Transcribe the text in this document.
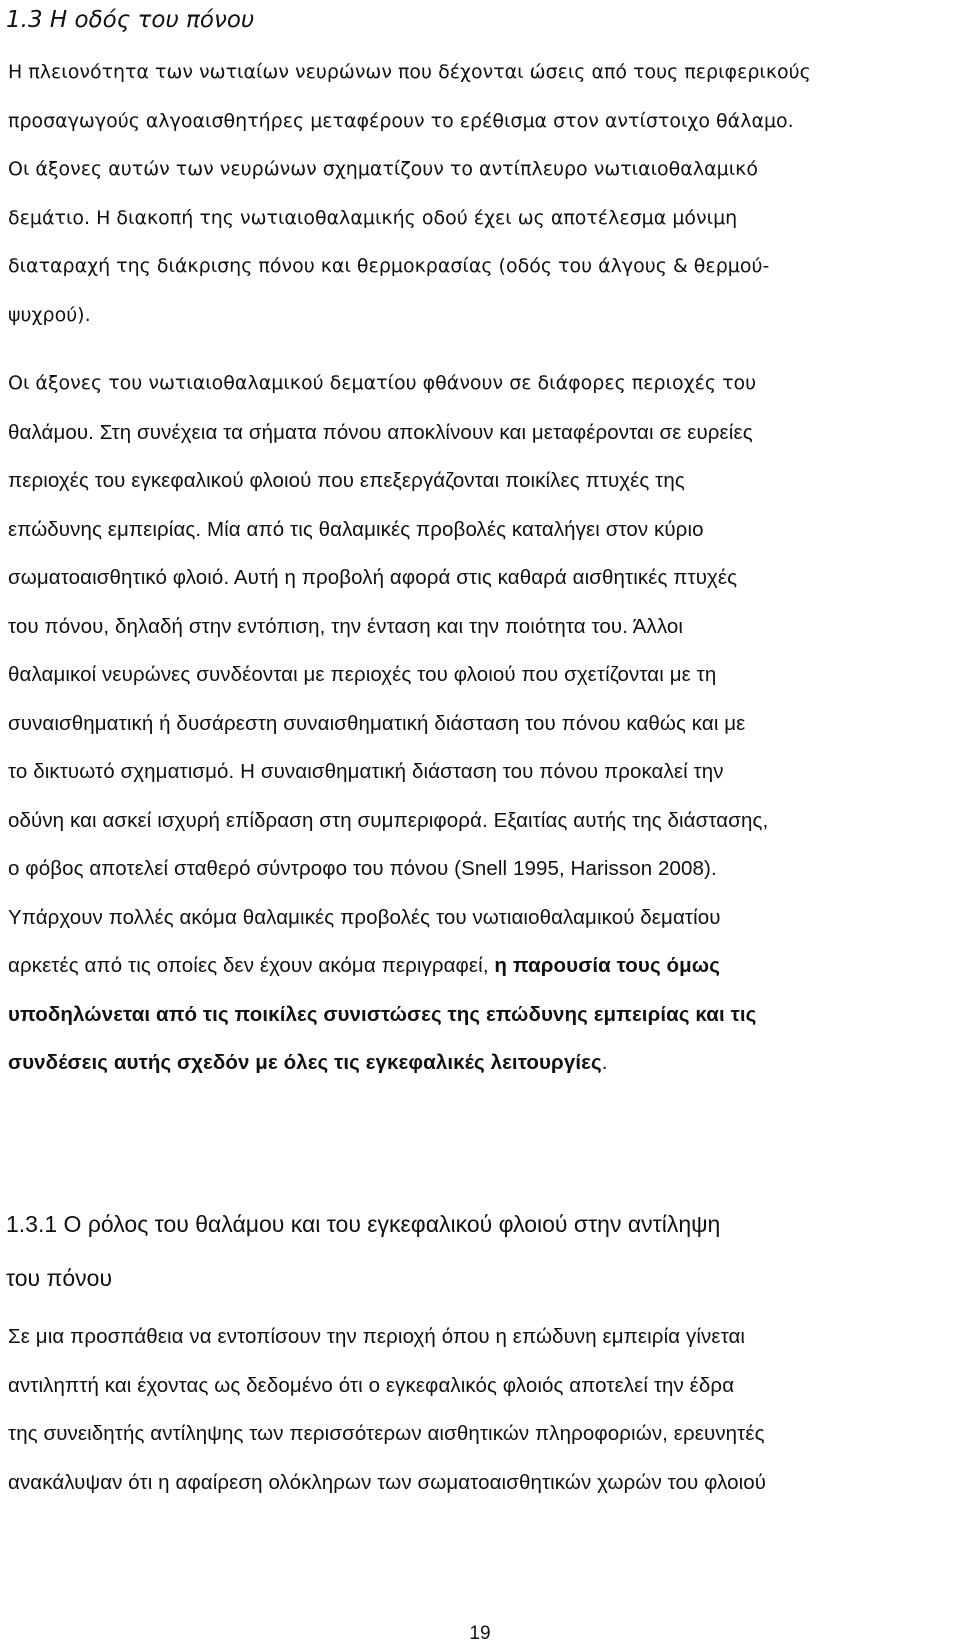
1.3 Η οδός του πόνου

Η πλειονότητα των νωτιαίων νευρώνων που δέχονται ώσεις από τους περιφερικούς

προσαγωγούς αλγοαισθητήρες μεταφέρουν το ερέθισμα στον αντίστοιχο θάλαμο.

Οι άξονες αυτών των νευρώνων σχηματίζουν το αντίπλευρο νωτιαιοθαλαμικό

δεμάτιο. Η διακοπή της νωτιαιοθαλαμικής οδού έχει ως αποτέλεσμα μόνιμη

διαταραχή της διάκρισης πόνου και θερμοκρασίας (οδός του άλγους & θερμού-

ψυχρού).

Οι άξονες του νωτιαιοθαλαμικού δεματίου φθάνουν σε διάφορες περιοχές του

θαλάμου. Στη συνέχεια τα σήματα πόνου αποκλίνουν και μεταφέρονται σε ευρείες

περιοχές του εγκεφαλικού φλοιού που επεξεργάζονται ποικίλες πτυχές της

επώδυνης εμπειρίας. Μία από τις θαλαμικές προβολές καταλήγει στον κύριο

σωματοαισθητικό φλοιό. Αυτή η προβολή αφορά στις καθαρά αισθητικές πτυχές

του πόνου, δηλαδή στην εντόπιση, την ένταση και την ποιότητα του. Άλλοι

θαλαμικοί νευρώνες συνδέονται με περιοχές του φλοιού που σχετίζονται με τη

συναισθηματική ή δυσάρεστη συναισθηματική διάσταση του πόνου καθώς και με

το δικτυωτό σχηματισμό. Η συναισθηματική διάσταση του πόνου προκαλεί την

οδύνη και ασκεί ισχυρή επίδραση στη συμπεριφορά. Εξαιτίας αυτής της διάστασης,

ο φόβος αποτελεί σταθερό σύντροφο του πόνου (Snell 1995, Harisson 2008).

Υπάρχουν πολλές ακόμα θαλαμικές προβολές του νωτιαιοθαλαμικού δεματίου

αρκετές από τις οποίες δεν έχουν ακόμα περιγραφεί, η παρουσία τους όμως

υποδηλώνεται από τις ποικίλες συνιστώσες της επώδυνης εμπειρίας και τις

συνδέσεις αυτής σχεδόν με όλες τις εγκεφαλικές λειτουργίες.

1.3.1 Ο ρόλος του θαλάμου και του εγκεφαλικού φλοιού στην αντίληψη
του πόνου

Σε μια προσπάθεια να εντοπίσουν την περιοχή όπου η επώδυνη εμπειρία γίνεται

αντιληπτή και έχοντας ως δεδομένο ότι ο εγκεφαλικός φλοιός αποτελεί την έδρα

της συνειδητής αντίληψης των περισσότερων αισθητικών πληροφοριών, ερευνητές

ανακάλυψαν ότι η αφαίρεση ολόκληρων των σωματοαισθητικών χωρών του φλοιού

19
